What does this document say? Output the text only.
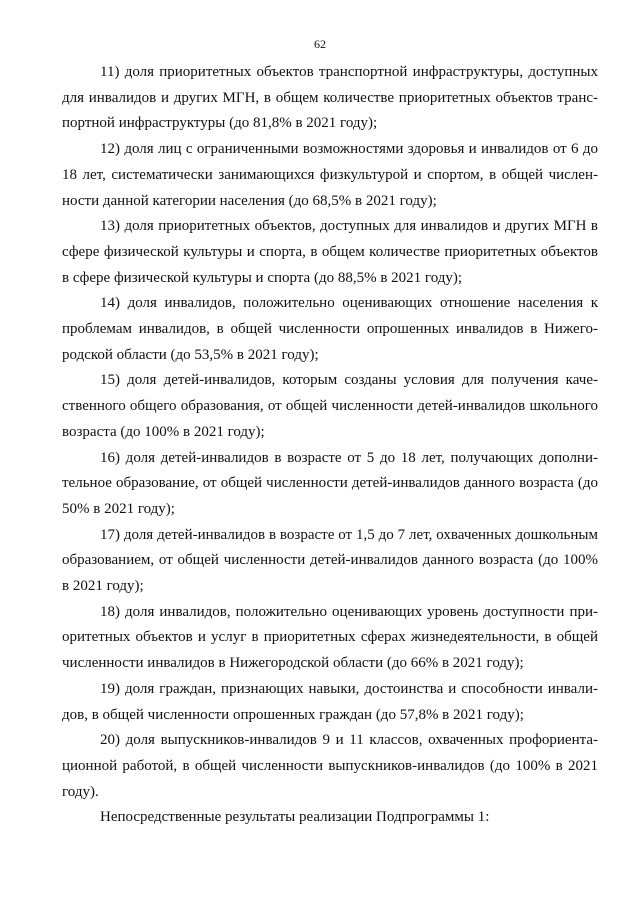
62

11) доля приоритетных объектов транспортной инфраструктуры, доступных для инвалидов и других МГН, в общем количестве приоритетных объектов транспортной инфраструктуры (до 81,8% в 2021 году);

12) доля лиц с ограниченными возможностями здоровья и инвалидов от 6 до 18 лет, систематически занимающихся физкультурой и спортом, в общей численности данной категории населения (до 68,5% в 2021 году);

13) доля приоритетных объектов, доступных для инвалидов и других МГН в сфере физической культуры и спорта, в общем количестве приоритетных объектов в сфере физической культуры и спорта (до 88,5% в 2021 году);

14) доля инвалидов, положительно оценивающих отношение населения к проблемам инвалидов, в общей численности опрошенных инвалидов в Нижегородской области (до 53,5% в 2021 году);

15) доля детей-инвалидов, которым созданы условия для получения качественного общего образования, от общей численности детей-инвалидов школьного возраста (до 100% в 2021 году);

16) доля детей-инвалидов в возрасте от 5 до 18 лет, получающих дополнительное образование, от общей численности детей-инвалидов данного возраста (до 50% в 2021 году);

17) доля детей-инвалидов в возрасте от 1,5 до 7 лет, охваченных дошкольным образованием, от общей численности детей-инвалидов данного возраста (до 100% в 2021 году);

18) доля инвалидов, положительно оценивающих уровень доступности приоритетных объектов и услуг в приоритетных сферах жизнедеятельности, в общей численности инвалидов в Нижегородской области (до 66% в 2021 году);

19) доля граждан, признающих навыки, достоинства и способности инвалидов, в общей численности опрошенных граждан (до 57,8% в 2021 году);

20) доля выпускников-инвалидов 9 и 11 классов, охваченных профориентационной работой, в общей численности выпускников-инвалидов (до 100% в 2021 году).

Непосредственные результаты реализации Подпрограммы 1:
